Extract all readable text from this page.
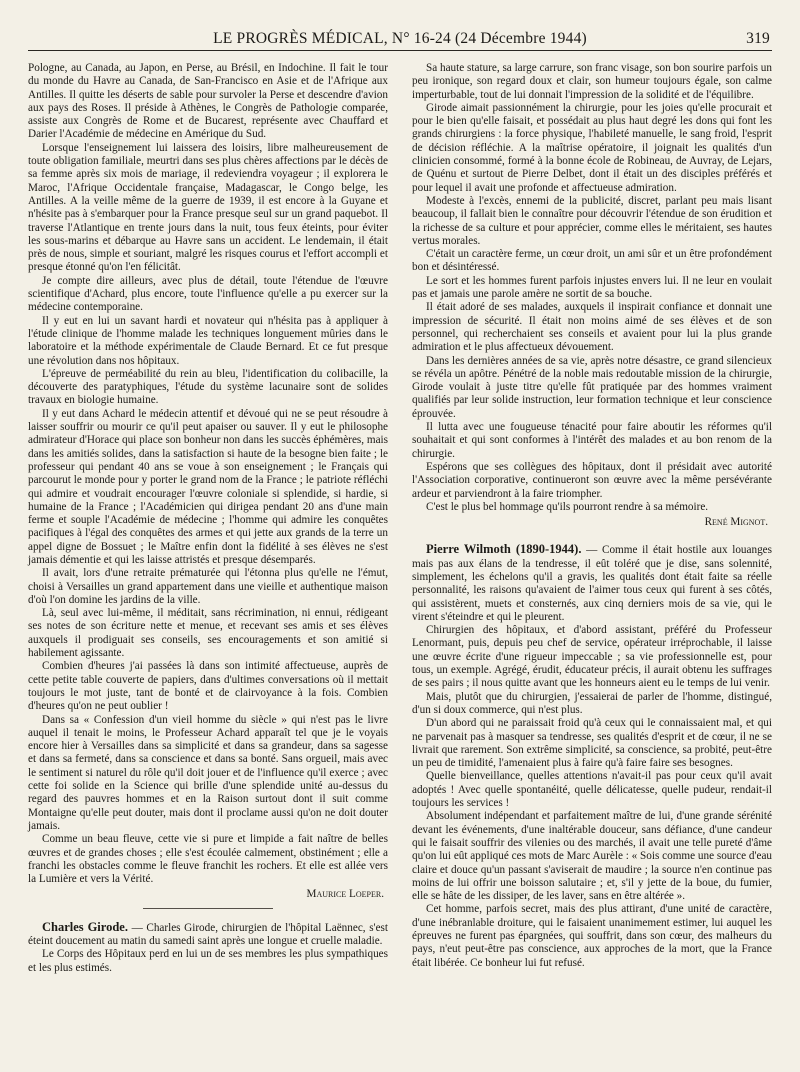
LE PROGRÈS MÉDICAL, N° 16-24 (24 Décembre 1944)	319

Pologne, au Canada, au Japon, en Perse, au Brésil, en Indochine. Il fait le tour du monde du Havre au Canada, de San-Francisco en Asie et de l'Afrique aux Antilles. Il quitte les déserts de sable pour survoler la Perse et descendre d'avion aux pays des Roses. Il préside à Athènes, le Congrès de Pathologie comparée, assiste aux Congrès de Rome et de Bucarest, représente avec Chauffard et Darier l'Académie de médecine en Amérique du Sud.

Lorsque l'enseignement lui laissera des loisirs, libre malheureusement de toute obligation familiale, meurtri dans ses plus chères affections par le décès de sa femme après six mois de mariage, il redeviendra voyageur ; il explorera le Maroc, l'Afrique Occidentale française, Madagascar, le Congo belge, les Antilles. A la veille même de la guerre de 1939, il est encore à la Guyane et n'hésite pas à s'embarquer pour la France presque seul sur un grand paquebot. Il traverse l'Atlantique en trente jours dans la nuit, tous feux éteints, pour éviter les sous-marins et débarque au Havre sans un accident. Le lendemain, il était près de nous, simple et souriant, malgré les risques courus et l'effort accompli et presque étonné qu'on l'en félicitât.

Je compte dire ailleurs, avec plus de détail, toute l'étendue de l'œuvre scientifique d'Achard, plus encore, toute l'influence qu'elle a pu exercer sur la médecine contemporaine.

Il y eut en lui un savant hardi et novateur qui n'hésita pas à appliquer à l'étude clinique de l'homme malade les techniques longuement mûries dans le laboratoire et la méthode expérimentale de Claude Bernard. Et ce fut presque une révolution dans nos hôpitaux.

L'épreuve de perméabilité du rein au bleu, l'identification du colibacille, la découverte des paratyphiques, l'étude du système lacunaire sont de solides travaux en biologie humaine.

Il y eut dans Achard le médecin attentif et dévoué qui ne se peut résoudre à laisser souffrir ou mourir ce qu'il peut apaiser ou sauver. Il y eut le philosophe admirateur d'Horace qui place son bonheur non dans les succès éphémères, mais dans les amitiés solides, dans la satisfaction si haute de la besogne bien faite ; le professeur qui pendant 40 ans se voue à son enseignement ; le Français qui parcourut le monde pour y porter le grand nom de la France ; le patriote réfléchi qui admire et voudrait encourager l'œuvre coloniale si splendide, si hardie, si humaine de la France ; l'Académicien qui dirigea pendant 20 ans d'une main ferme et souple l'Académie de médecine ; l'homme qui admire les conquêtes pacifiques à l'égal des conquêtes des armes et qui jette aux grands de la terre un appel digne de Bossuet ; le Maître enfin dont la fidélité à ses élèves ne s'est jamais démentie et qui les laisse attristés et presque désemparés.

Il avait, lors d'une retraite prématurée qui l'étonna plus qu'elle ne l'émut, choisi à Versailles un grand appartement dans une vieille et authentique maison d'où l'on domine les jardins de la ville.

Là, seul avec lui-même, il méditait, sans récrimination, ni ennui, rédigeant ses notes de son écriture nette et menue, et recevant ses amis et ses élèves auxquels il prodiguait ses conseils, ses encouragements et son amitié si habilement agissante.

Combien d'heures j'ai passées là dans son intimité affectueuse, auprès de cette petite table couverte de papiers, dans d'ultimes conversations où il mettait toujours le mot juste, tant de bonté et de clairvoyance à la fois. Combien d'heures qu'on ne peut oublier !

Dans sa « Confession d'un vieil homme du siècle » qui n'est pas le livre auquel il tenait le moins, le Professeur Achard apparaît tel que je le voyais encore hier à Versailles dans sa simplicité et dans sa grandeur, dans sa sagesse et dans sa fermeté, dans sa conscience et dans sa bonté. Sans orgueil, mais avec le sentiment si naturel du rôle qu'il doit jouer et de l'influence qu'il exerce ; avec cette foi solide en la Science qui brille d'une splendide unité au-dessus du regard des pauvres hommes et en la Raison surtout dont il suit comme Montaigne qu'elle peut douter, mais dont il proclame aussi qu'on ne doit douter jamais.

Comme un beau fleuve, cette vie si pure et limpide a fait naître de belles œuvres et de grandes choses ; elle s'est écoulée calmement, obstinément ; elle a franchi les obstacles comme le fleuve franchit les rochers. Et elle est allée vers la Lumière et vers la Vérité.

Maurice Loeper.

Charles Girode. — Charles Girode, chirurgien de l'hôpital Laënnec, s'est éteint doucement au matin du samedi saint après une longue et cruelle maladie.

Le Corps des Hôpitaux perd en lui un de ses membres les plus sympathiques et les plus estimés.

Sa haute stature, sa large carrure, son franc visage, son bon sourire parfois un peu ironique, son regard doux et clair, son humeur toujours égale, son calme imperturbable, tout de lui donnait l'impression de la solidité et de l'équilibre.

Girode aimait passionnément la chirurgie, pour les joies qu'elle procurait et pour le bien qu'elle faisait, et possédait au plus haut degré les dons qui font les grands chirurgiens : la force physique, l'habileté manuelle, le sang froid, l'esprit de décision réfléchie. A la maîtrise opératoire, il joignait les qualités d'un clinicien consommé, formé à la bonne école de Robineau, de Auvray, de Lejars, de Quénu et surtout de Pierre Delbet, dont il était un des disciples préférés et pour lequel il avait une profonde et affectueuse admiration.

Modeste à l'excès, ennemi de la publicité, discret, parlant peu mais lisant beaucoup, il fallait bien le connaître pour découvrir l'étendue de son érudition et la richesse de sa culture et pour apprécier, comme elles le méritaient, ses hautes vertus morales.

C'était un caractère ferme, un cœur droit, un ami sûr et un être profondément bon et désintéressé.

Le sort et les hommes furent parfois injustes envers lui. Il ne leur en voulait pas et jamais une parole amère ne sortit de sa bouche.

Il était adoré de ses malades, auxquels il inspirait confiance et donnait une impression de sécurité. Il était non moins aimé de ses élèves et de son personnel, qui recherchaient ses conseils et avaient pour lui la plus grande admiration et le plus affectueux dévouement.

Dans les dernières années de sa vie, après notre désastre, ce grand silencieux se révéla un apôtre. Pénétré de la noble mais redoutable mission de la chirurgie, Girode voulait à juste titre qu'elle fût pratiquée par des hommes vraiment qualifiés par leur solide instruction, leur formation technique et leur conscience éprouvée.

Il lutta avec une fougueuse ténacité pour faire aboutir les réformes qu'il souhaitait et qui sont conformes à l'intérêt des malades et au bon renom de la chirurgie.

Espérons que ses collègues des hôpitaux, dont il présidait avec autorité l'Association corporative, continueront son œuvre avec la même persévérante ardeur et parviendront à la faire triompher.

C'est le plus bel hommage qu'ils pourront rendre à sa mémoire.

René Mignot.

Pierre Wilmoth (1890-1944). — Comme il était hostile aux louanges mais pas aux élans de la tendresse, il eût toléré que je dise, sans solennité, simplement, les échelons qu'il a gravis, les qualités dont était faite sa réelle personnalité, les raisons qu'avaient de l'aimer tous ceux qui furent à ses côtés, qui assistèrent, muets et consternés, aux cinq derniers mois de sa vie, qui le virent s'éteindre et qui le pleurent.

Chirurgien des hôpitaux, et d'abord assistant, préféré du Professeur Lenormant, puis, depuis peu chef de service, opérateur irréprochable, il laisse une œuvre écrite d'une rigueur impeccable ; sa vie professionnelle est, pour tous, un exemple. Agrégé, érudit, éducateur précis, il aurait obtenu les suffrages de ses pairs ; il nous quitte avant que les honneurs aient eu le temps de lui venir.

Mais, plutôt que du chirurgien, j'essaierai de parler de l'homme, distingué, d'un si doux commerce, qui n'est plus.

D'un abord qui ne paraissait froid qu'à ceux qui le connaissaient mal, et qui ne parvenait pas à masquer sa tendresse, ses qualités d'esprit et de cœur, il ne se livrait que rarement. Son extrême simplicité, sa conscience, sa probité, peut-être un peu de timidité, l'amenaient plus à faire qu'à faire faire ses besognes.

Quelle bienveillance, quelles attentions n'avait-il pas pour ceux qu'il avait adoptés ! Avec quelle spontanéité, quelle délicatesse, quelle pudeur, rendait-il toujours les services !

Absolument indépendant et parfaitement maître de lui, d'une grande sérénité devant les événements, d'une inaltérable douceur, sans défiance, d'une candeur qui le faisait souffrir des vilenies ou des marchés, il avait une telle pureté d'âme qu'on lui eût appliqué ces mots de Marc Aurèle : « Sois comme une source d'eau claire et douce qu'un passant s'aviserait de maudire ; la source n'en continue pas moins de lui offrir une boisson salutaire ; et, s'il y jette de la boue, du fumier, elle se hâte de les dissiper, de les laver, sans en être altérée ».

Cet homme, parfois secret, mais des plus attirant, d'une unité de caractère, d'une inébranlable droiture, qui le faisaient unanimement estimer, lui auquel les épreuves ne furent pas épargnées, qui souffrit, dans son cœur, des malheurs du pays, n'eut peut-être pas conscience, aux approches de la mort, que la France était libérée. Ce bonheur lui fut refusé.
